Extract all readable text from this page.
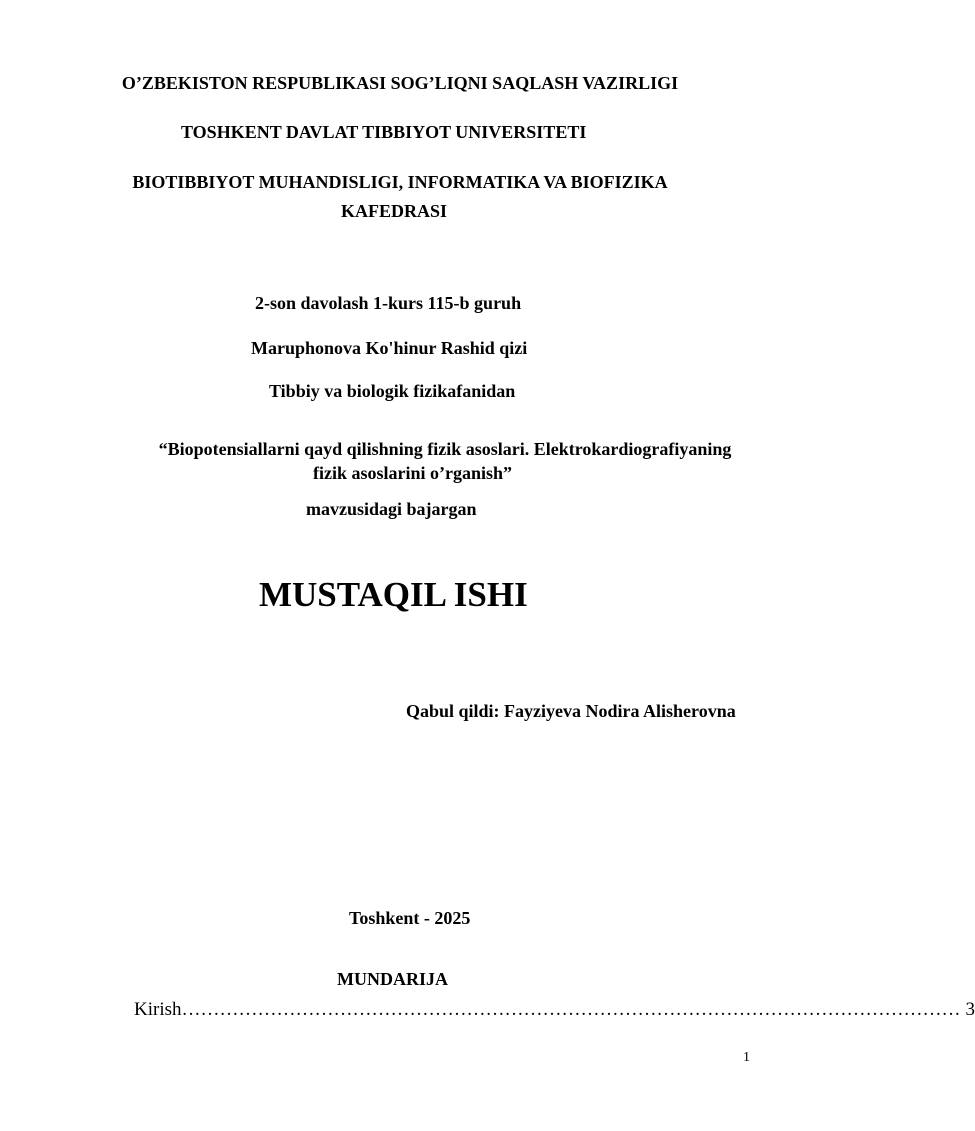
O’ZBEKISTON RESPUBLIKASI SOG’LIQNI SAQLASH VAZIRLIGI
TOSHKENT DAVLAT TIBBIYOT UNIVERSITETI
BIOTIBBIYOT MUHANDISLIGI, INFORMATIKA VA BIOFIZIKA
KAFEDRASI
2-son davolash 1-kurs 115-b guruh
Maruphonova Ko'hinur Rashid qizi
Tibbiy va biologik fizikafanidan
“Biopotensiallarni qayd qilishning fizik asoslari. Elektrokardiografiyaning
fizik asoslarini o’rganish”
mavzusidagi bajargan
MUSTAQIL ISHI
Qabul qildi: Fayziyeva Nodira Alisherovna
Toshkent - 2025
MUNDARIJA
Kirish …………………………………………………………………………………………………………… 3
1
